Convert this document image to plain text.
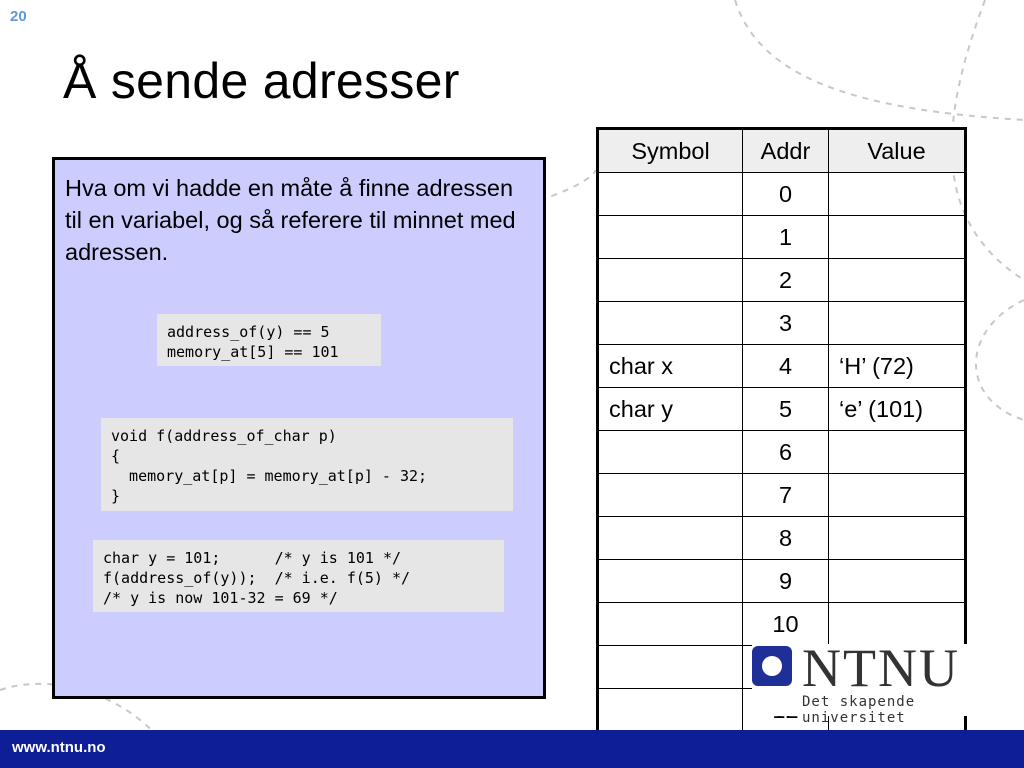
20
Å sende adresser

Hva om vi hadde en måte å finne adressen til en variabel, og så referere til minnet med adressen.

address_of(y) == 5
memory_at[5] == 101
void f(address_of_char p)
{
memory_at[p] = memory_at[p] - 32;
}
char y = 101;      /* y is 101 */
f(address_of(y));  /* i.e. f(5) */
/* y is now 101-32 = 69 */
Symbol	Addr	Value
	0	
	1	
	2	
	3	
char x	4	‘H’ (72)
char y	5	‘e’ (101)
	6	
	7	
	8	
	9	
	10	

NTNU
Det skapende universitet
www.ntnu.no
